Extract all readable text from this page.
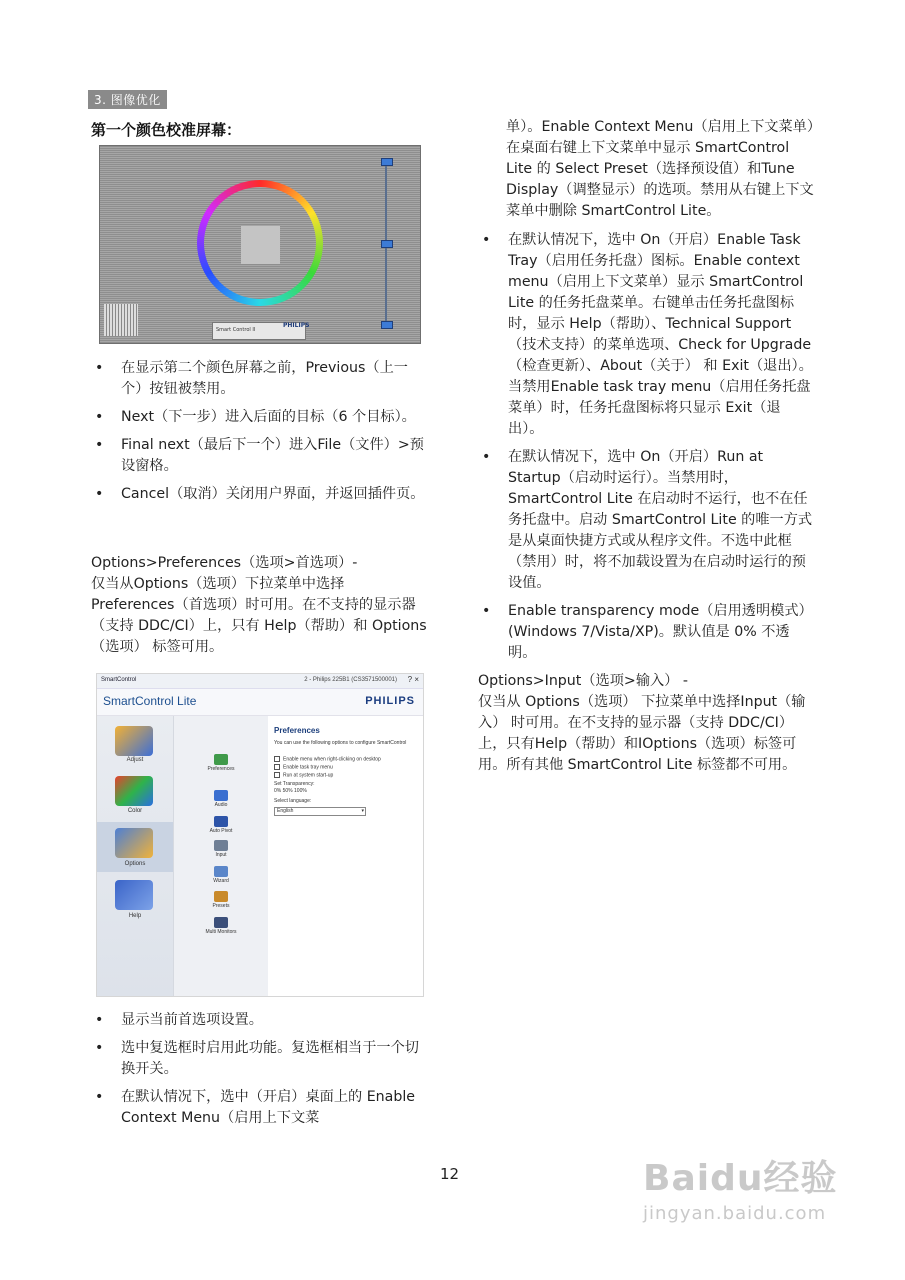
3. 图像优化
第一个颜色校准屏幕：
Smart Control II
PHILIPS
•	在显示第二个颜色屏幕之前，Previous（上一个）按钮被禁用。
•	Next（下一步）进入后面的目标（6 个目标）。
•	Final next（最后下一个）进入File（文件）>预设窗格。
•	Cancel（取消）关闭用户界面，并返回插件页。
Options>Preferences（选项>首选项）-
仅当从Options（选项）下拉菜单中选择Preferences（首选项）时可用。在不支持的显示器（支持 DDC/CI）上，只有 Help（帮助）和 Options（选项） 标签可用。
SmartControl	2 - Philips 225B1 (CS3571500001) ? ×
SmartControl Lite	PHILIPS
Adjust
Color
Options
Help
Preferences
Audio
Auto Pivot
Input
Wizard
Presets
Multi Monitors
Preferences
You can use the following options to configure SmartControl
Enable menu when right-clicking on desktop
Enable task tray menu
Run at system start-up
Set Transparency:
0% 50% 100%
Select language:
English	▾
•	显示当前首选项设置。
•	选中复选框时启用此功能。复选框相当于一个切换开关。
•	在默认情况下，选中（开启）桌面上的 Enable Context Menu（启用上下文菜
单）。Enable Context Menu（启用上下文菜单）在桌面右键上下文菜单中显示 SmartControl Lite 的 Select Preset（选择预设值）和Tune Display（调整显示）的选项。禁用从右键上下文菜单中删除 SmartControl Lite。
•	在默认情况下，选中 On（开启）Enable Task Tray（启用任务托盘）图标。Enable context menu（启用上下文菜单）显示 SmartControl Lite 的任务托盘菜单。右键单击任务托盘图标时，显示 Help（帮助）、Technical Support（技术支持）的菜单选项、Check for Upgrade（检查更新）、About（关于） 和 Exit（退出）。当禁用Enable task tray menu（启用任务托盘菜单）时，任务托盘图标将只显示 Exit（退出）。
•	在默认情况下，选中 On（开启）Run at Startup（启动时运行）。当禁用时，SmartControl Lite 在启动时不运行，也不在任务托盘中。启动 SmartControl Lite 的唯一方式是从桌面快捷方式或从程序文件。不选中此框（禁用）时，将不加载设置为在启动时运行的预设值。
•	Enable transparency mode（启用透明模式）(Windows 7/Vista/XP)。默认值是 0% 不透明。
Options>Input（选项>输入） -
仅当从 Options（选项） 下拉菜单中选择Input（输入） 时可用。在不支持的显示器（支持 DDC/CI）上，只有Help（帮助）和IOptions（选项）标签可用。所有其他 SmartControl Lite 标签都不可用。
12	Baidu经验
jingyan.baidu.com
